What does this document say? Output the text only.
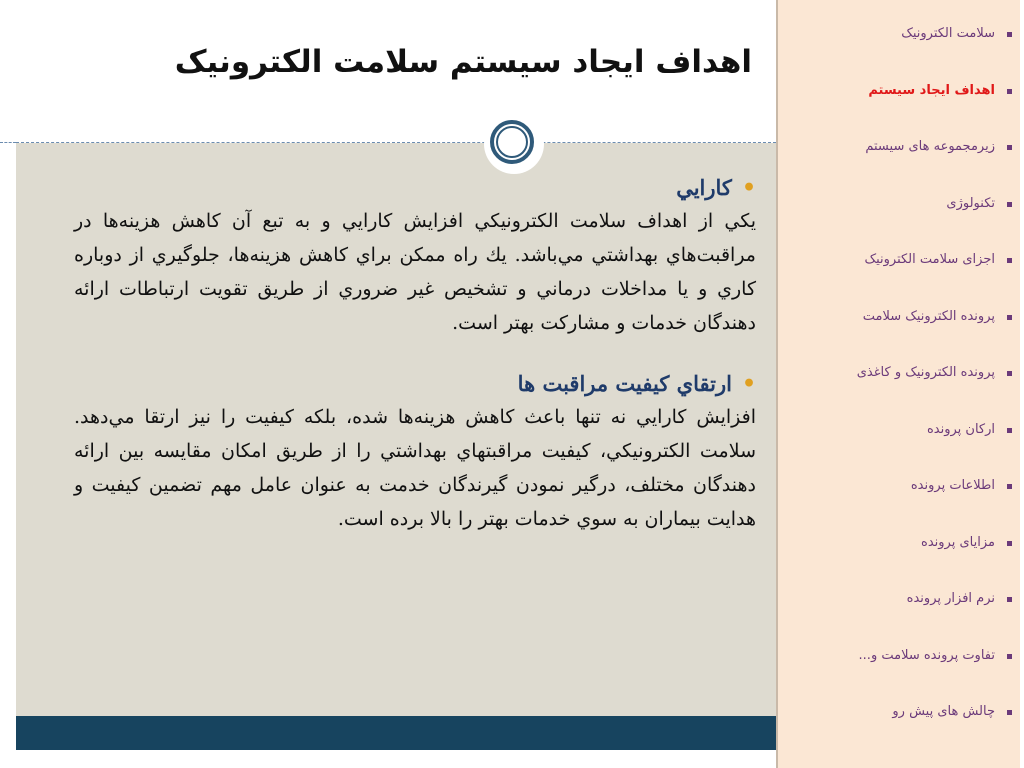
اهداف ايجاد سيستم سلامت الکترونیک
•
كارايي

يکي از اهداف سلامت الکترونيکي افزايش کارايي و به تبع آن کاهش هزينه‌ها در مراقبت‌هاي بهداشتي مي‌باشد. يك راه ممكن براي كاهش هزينه‌ها، جلوگيري از دوباره كاري و يا مداخلات درماني و تشخيص غير ضروري از طريق تقويت ارتباطات ارائه دهندگان خدمات و مشاركت بهتر است.

•
ارتقاي كيفيت مراقبت ها

افزايش كارايي نه تنها باعث كاهش هزينه‌ها شده، بلكه كيفيت را نيز ارتقا مي‌دهد. سلامت الکترونيکي، کيفيت مراقبتهاي بهداشتي را از طريق امکان مقايسه بين ارائه دهندگان مختلف، درگير نمودن گيرندگان خدمت به عنوان عامل مهم تضمين کيفيت و هدايت بيماران به سوي خدمات بهتر را بالا برده است.

سلامت الکترونیک
اهداف ایجاد سیستم
زیرمجموعه های سیستم
تکنولوژی
اجزای سلامت الکترونیک
پرونده الکترونیک سلامت
پرونده الکترونیک و کاغذی
ارکان پرونده
اطلاعات پرونده
مزایای پرونده
نرم افزار پرونده
تفاوت پرونده سلامت و...
چالش های پیش رو
